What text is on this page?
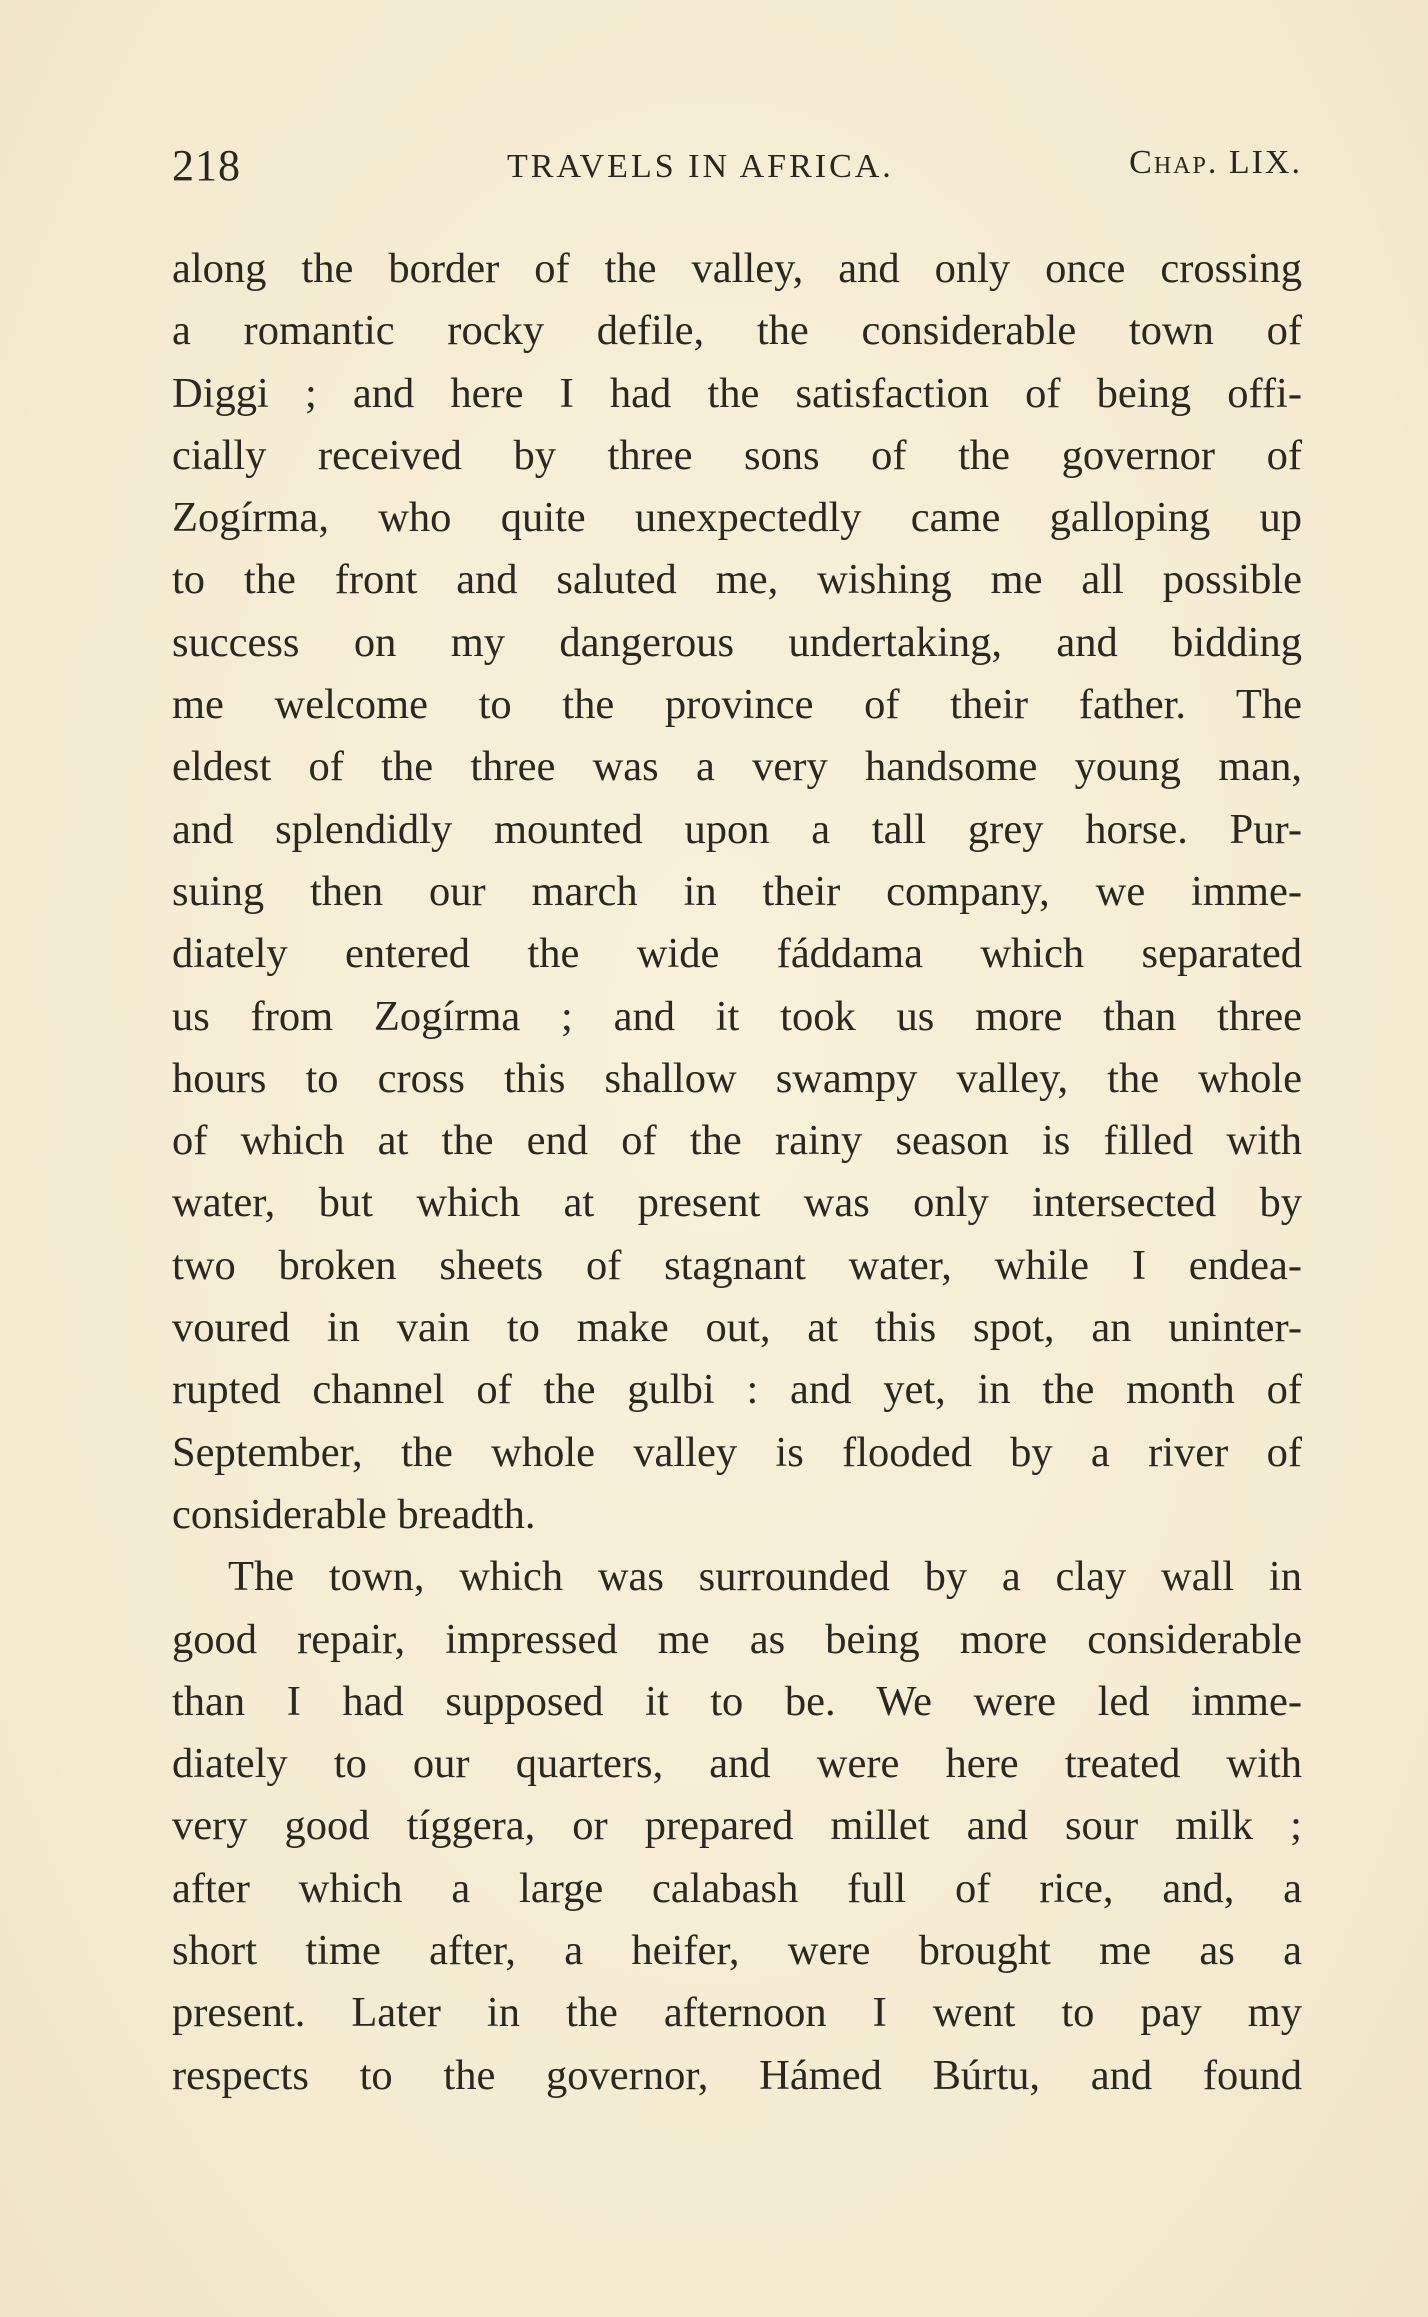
218	TRAVELS IN AFRICA.	Chap. LIX.
along the border of the valley, and only once crossing
a romantic rocky defile, the considerable town of
Diggi ; and here I had the satisfaction of being offi-
cially received by three sons of the governor of
Zogírma, who quite unexpectedly came galloping up
to the front and saluted me, wishing me all possible
success on my dangerous undertaking, and bidding
me welcome to the province of their father. The
eldest of the three was a very handsome young man,
and splendidly mounted upon a tall grey horse. Pur-
suing then our march in their company, we imme-
diately entered the wide fáddama which separated
us from Zogírma ; and it took us more than three
hours to cross this shallow swampy valley, the whole
of which at the end of the rainy season is filled with
water, but which at present was only intersected by
two broken sheets of stagnant water, while I endea-
voured in vain to make out, at this spot, an uninter-
rupted channel of the gulbi : and yet, in the month of
September, the whole valley is flooded by a river of
considerable breadth.
The town, which was surrounded by a clay wall in
good repair, impressed me as being more considerable
than I had supposed it to be. We were led imme-
diately to our quarters, and were here treated with
very good tíggera, or prepared millet and sour milk ;
after which a large calabash full of rice, and, a
short time after, a heifer, were brought me as a
present. Later in the afternoon I went to pay my
respects to the governor, Hámed Búrtu, and found
